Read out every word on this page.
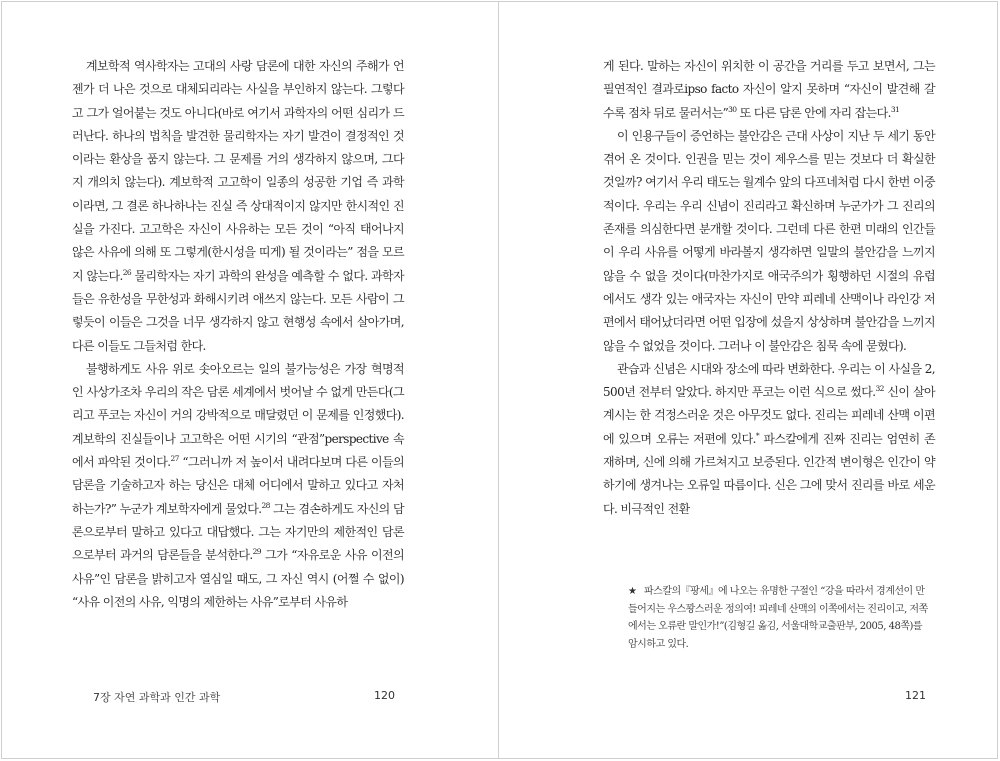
계보학적 역사학자는 고대의 사랑 담론에 대한 자신의 주해가 언젠가 더 나은 것으로 대체되리라는 사실을 부인하지 않는다. 그렇다고 그가 얼어붙는 것도 아니다(바로 여기서 과학자의 어떤 심리가 드러난다. 하나의 법칙을 발견한 물리학자는 자기 발견이 결정적인 것이라는 환상을 품지 않는다. 그 문제를 거의 생각하지 않으며, 그다지 개의치 않는다). 계보학적 고고학이 일종의 성공한 기업 즉 과학이라면, 그 결론 하나하나는 진실 즉 상대적이지 않지만 한시적인 진실을 가진다. 고고학은 자신이 사유하는 모든 것이 “아직 태어나지 않은 사유에 의해 또 그렇게(한시성을 띠게) 될 것이라는” 점을 모르지 않는다.$^{26}$ 물리학자는 자기 과학의 완성을 예측할 수 없다. 과학자들은 유한성을 무한성과 화해시키려 애쓰지 않는다. 모든 사람이 그렇듯이 이들은 그것을 너무 생각하지 않고 현행성 속에서 살아가며, 다른 이들도 그들처럼 한다.

불행하게도 사유 위로 솟아오르는 일의 불가능성은 가장 혁명적인 사상가조차 우리의 작은 담론 세계에서 벗어날 수 없게 만든다(그리고 푸코는 자신이 거의 강박적으로 매달렸던 이 문제를 인정했다). 계보학의 진실들이나 고고학은 어떤 시기의 “관점”perspective 속에서 파악된 것이다.$^{27}$ “그러니까 저 높이서 내려다보며 다른 이들의 담론을 기술하고자 하는 당신은 대체 어디에서 말하고 있다고 자처하는가?” 누군가 계보학자에게 물었다.$^{28}$ 그는 겸손하게도 자신의 담론으로부터 말하고 있다고 대답했다. 그는 자기만의 제한적인 담론으로부터 과거의 담론들을 분석한다.$^{29}$ 그가 “자유로운 사유 이전의 사유”인 담론을 밝히고자 열심일 때도, 그 자신 역시 (어쩔 수 없이) “사유 이전의 사유, 익명의 제한하는 사유”로부터 사유하

게 된다. 말하는 자신이 위치한 이 공간을 거리를 두고 보면서, 그는 필연적인 결과로ipso facto 자신이 알지 못하며 “자신이 발견해 갈수록 점차 뒤로 물러서는”$^{30}$ 또 다른 담론 안에 자리 잡는다.$^{31}$

이 인용구들이 증언하는 불안감은 근대 사상이 지난 두 세기 동안 겪어 온 것이다. 인권을 믿는 것이 제우스를 믿는 것보다 더 확실한 것일까? 여기서 우리 태도는 월계수 앞의 다프네처럼 다시 한번 이중적이다. 우리는 우리 신념이 진리라고 확신하며 누군가가 그 진리의 존재를 의심한다면 분개할 것이다. 그런데 다른 한편 미래의 인간들이 우리 사유를 어떻게 바라볼지 생각하면 일말의 불안감을 느끼지 않을 수 없을 것이다(마찬가지로 애국주의가 횡행하던 시절의 유럽에서도 생각 있는 애국자는 자신이 만약 피레네 산맥이나 라인강 저편에서 태어났더라면 어떤 입장에 섰을지 상상하며 불안감을 느끼지 않을 수 없었을 것이다. 그러나 이 불안감은 침묵 속에 묻혔다).

관습과 신념은 시대와 장소에 따라 변화한다. 우리는 이 사실을 2,500년 전부터 알았다. 하지만 푸코는 이런 식으로 썼다.$^{32}$ 신이 살아 계시는 한 걱정스러운 것은 아무것도 없다. 진리는 피레네 산맥 이편에 있으며 오류는 저편에 있다.* 파스칼에게 진짜 진리는 엄연히 존재하며, 신에 의해 가르쳐지고 보증된다. 인간적 변이형은 인간이 약하기에 생겨나는 오류일 따름이다. 신은 그에 맞서 진리를 바로 세운다. 비극적인 전환

★ 파스칼의『팡세』에 나오는 유명한 구절인 “강을 따라서 경계선이 만들어지는 우스꽝스러운 정의여! 피레네 산맥의 이쪽에서는 진리이고, 저쪽에서는 오류란 말인가!”(김형길 옮김, 서울대학교출판부, 2005, 48쪽)를 암시하고 있다.
7장 자연 과학과 인간 과학	120	121
